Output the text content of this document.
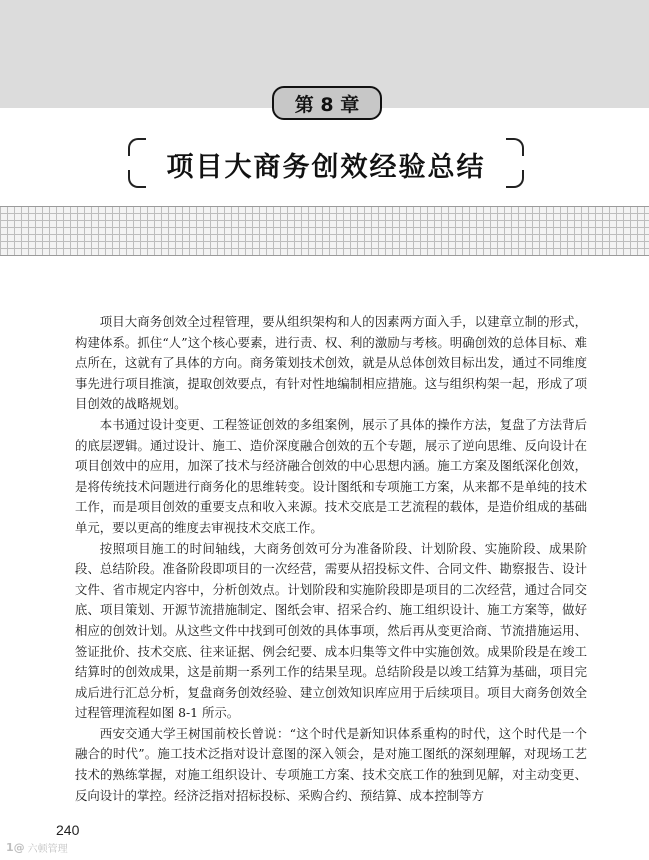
第 8 章
项目大商务创效经验总结

项目大商务创效全过程管理，要从组织架构和人的因素两方面入手，以建章立制的形式，构建体系。抓住“人”这个核心要素，进行责、权、利的激励与考核。明确创效的总体目标、难点所在，这就有了具体的方向。商务策划技术创效，就是从总体创效目标出发，通过不同维度事先进行项目推演，提取创效要点，有针对性地编制相应措施。这与组织构架一起，形成了项目创效的战略规划。

本书通过设计变更、工程签证创效的多组案例，展示了具体的操作方法，复盘了方法背后的底层逻辑。通过设计、施工、造价深度融合创效的五个专题，展示了逆向思维、反向设计在项目创效中的应用，加深了技术与经济融合创效的中心思想内涵。施工方案及图纸深化创效，是将传统技术问题进行商务化的思维转变。设计图纸和专项施工方案，从来都不是单纯的技术工作，而是项目创效的重要支点和收入来源。技术交底是工艺流程的载体，是造价组成的基础单元，要以更高的维度去审视技术交底工作。

按照项目施工的时间轴线，大商务创效可分为准备阶段、计划阶段、实施阶段、成果阶段、总结阶段。准备阶段即项目的一次经营，需要从招投标文件、合同文件、勘察报告、设计文件、省市规定内容中，分析创效点。计划阶段和实施阶段即是项目的二次经营，通过合同交底、项目策划、开源节流措施制定、图纸会审、招采合约、施工组织设计、施工方案等，做好相应的创效计划。从这些文件中找到可创效的具体事项，然后再从变更洽商、节流措施运用、签证批价、技术交底、往来证据、例会纪要、成本归集等文件中实施创效。成果阶段是在竣工结算时的创效成果，这是前期一系列工作的结果呈现。总结阶段是以竣工结算为基础，项目完成后进行汇总分析，复盘商务创效经验、建立创效知识库应用于后续项目。项目大商务创效全过程管理流程如图 8-1 所示。

西安交通大学王树国前校长曾说：“这个时代是新知识体系重构的时代，这个时代是一个融合的时代”。施工技术泛指对设计意图的深入领会，是对施工图纸的深刻理解，对现场工艺技术的熟练掌握，对施工组织设计、专项施工方案、技术交底工作的独到见解，对主动变更、反向设计的掌控。经济泛指对招标投标、采购合约、预结算、成本控制等方

240
1@ 六顿管理
